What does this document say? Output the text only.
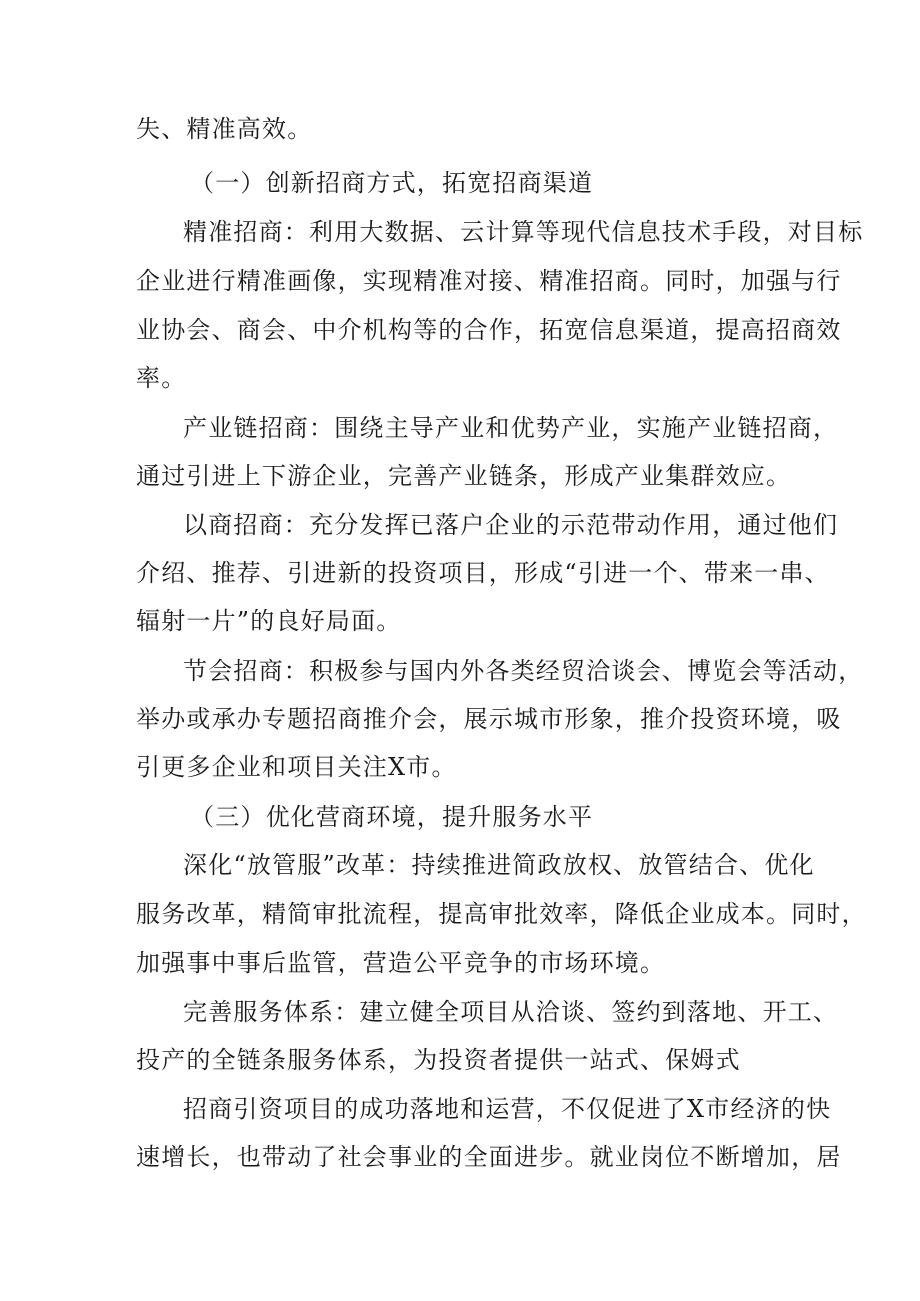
失、精准高效。
（一）创新招商方式，拓宽招商渠道
精准招商：利用大数据、云计算等现代信息技术手段，对目标
企业进行精准画像，实现精准对接、精准招商。同时，加强与行
业协会、商会、中介机构等的合作，拓宽信息渠道，提高招商效
率。
产业链招商：围绕主导产业和优势产业，实施产业链招商，
通过引进上下游企业，完善产业链条，形成产业集群效应。
以商招商：充分发挥已落户企业的示范带动作用，通过他们
介绍、推荐、引进新的投资项目，形成“引进一个、带来一串、
辐射一片”的良好局面。
节会招商：积极参与国内外各类经贸洽谈会、博览会等活动，
举办或承办专题招商推介会，展示城市形象，推介投资环境，吸
引更多企业和项目关注X市。
（三）优化营商环境，提升服务水平
深化“放管服”改革：持续推进简政放权、放管结合、优化
服务改革，精简审批流程，提高审批效率，降低企业成本。同时，
加强事中事后监管，营造公平竞争的市场环境。
完善服务体系：建立健全项目从洽谈、签约到落地、开工、
投产的全链条服务体系，为投资者提供一站式、保姆式
招商引资项目的成功落地和运营，不仅促进了X市经济的快
速增长，也带动了社会事业的全面进步。就业岗位不断增加，居
